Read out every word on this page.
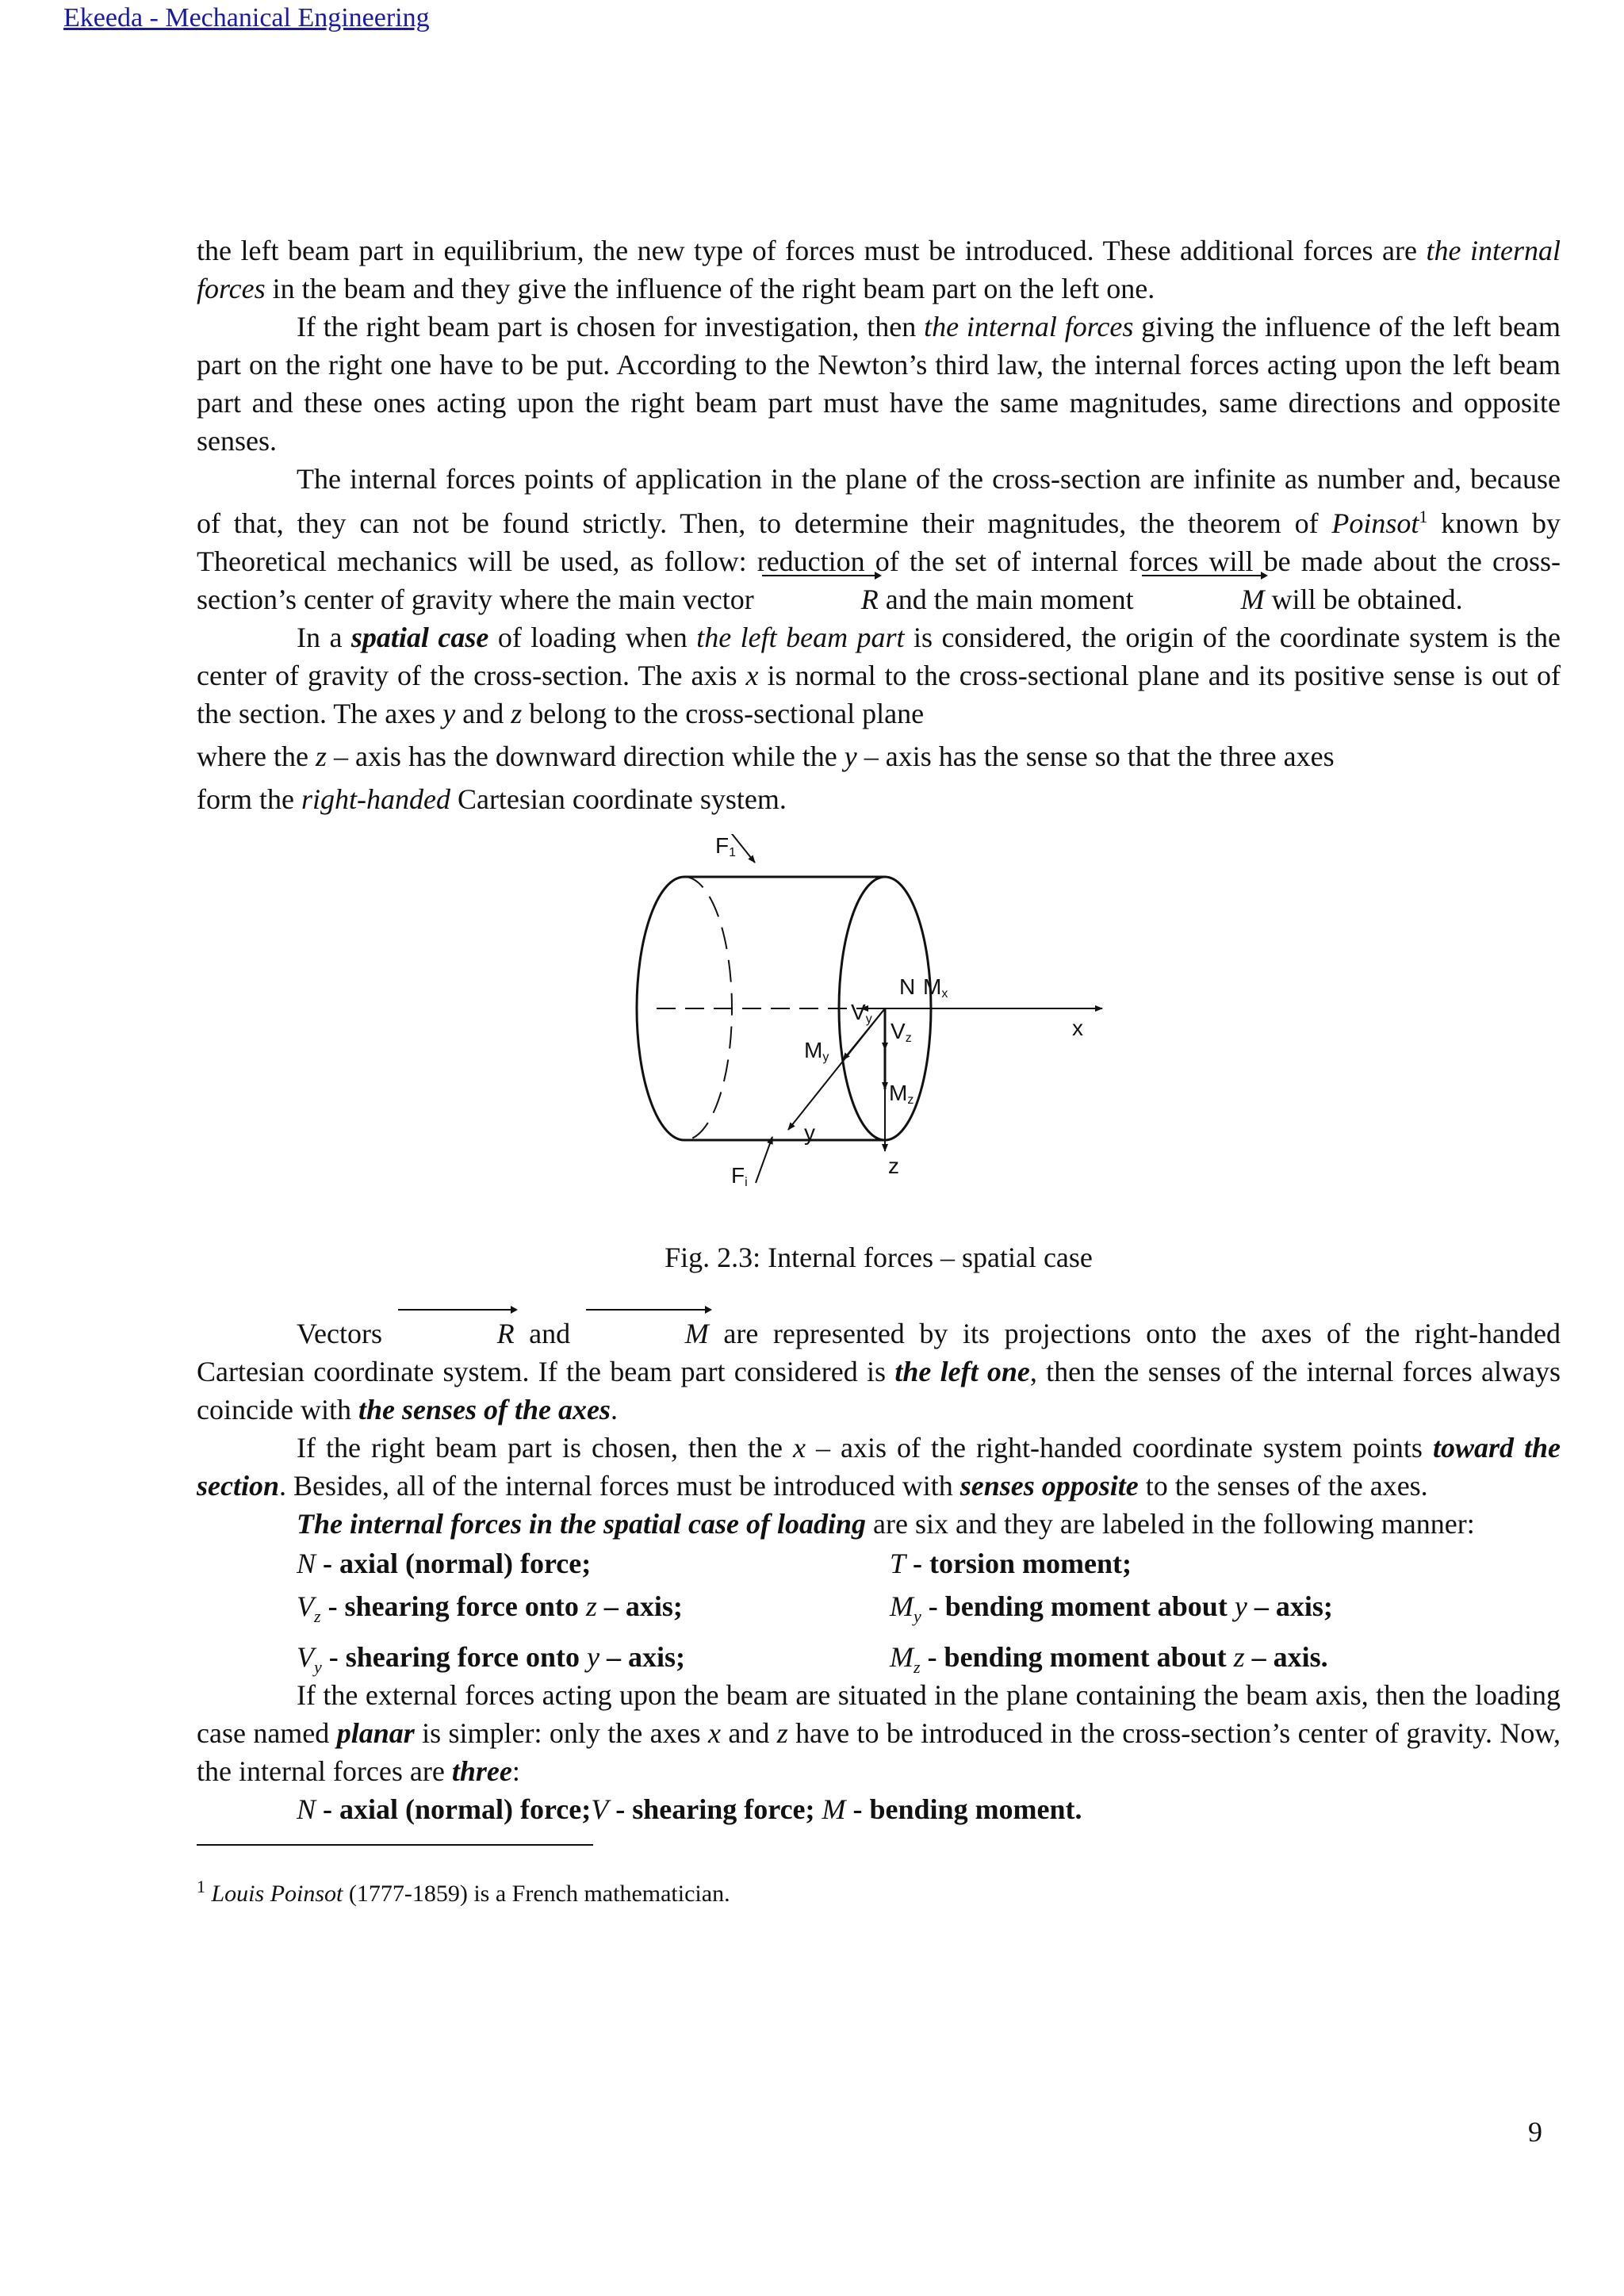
Ekeeda - Mechanical Engineering

the left beam part in equilibrium, the new type of forces must be introduced. These additional forces are the internal forces in the beam and they give the influence of the right beam part on the left one.

If the right beam part is chosen for investigation, then the internal forces giving the influence of the left beam part on the right one have to be put. According to the Newton’s third law, the internal forces acting upon the left beam part and these ones acting upon the right beam part must have the same magnitudes, same directions and opposite senses.

The internal forces points of application in the plane of the cross-section are infinite as number and, because of that, they can not be found strictly. Then, to determine their magnitudes, the theorem of Poinsot$^1$ known by Theoretical mechanics will be used, as follow: reduction of the set of internal forces will be made about the cross-section’s center of gravity where the main vector	R and the main moment	M will be obtained.

In a spatial case of loading when the left beam part is considered, the origin of the coordinate system is the center of gravity of the cross-section. The axis x is normal to the cross-sectional plane and its positive sense is out of the section. The axes y and z belong to the cross-sectional plane

where the z – axis has the downward direction while the y – axis has the sense so that the three axes

form the right-handed Cartesian coordinate system.

F1
Fi
N Mx
x
Vy Vz
My
Mz
y
z

Fig. 2.3: Internal forces – spatial case

Vectors	R and	M are represented by its projections onto the axes of the right-handed Cartesian coordinate system. If the beam part considered is the left one, then the senses of the internal forces always coincide with the senses of the axes.

If the right beam part is chosen, then the x – axis of the right-handed coordinate system points toward the section. Besides, all of the internal forces must be introduced with senses opposite to the senses of the axes.

The internal forces in the spatial case of loading are six and they are labeled in the following manner:

N - axial (normal) force;	T - torsion moment;
$V_z$ - shearing force onto z – axis;	$M_y$ - bending moment about y – axis;
$V_y$ - shearing force onto y – axis;	$M_z$ - bending moment about z – axis.

If the external forces acting upon the beam are situated in the plane containing the beam axis, then the loading case named planar is simpler: only the axes x and z have to be introduced in the cross-section’s center of gravity. Now, the internal forces are three:

N - axial (normal) force;V - shearing force; M - bending moment.

$^1$ Louis Poinsot (1777-1859) is a French mathematician.

9
